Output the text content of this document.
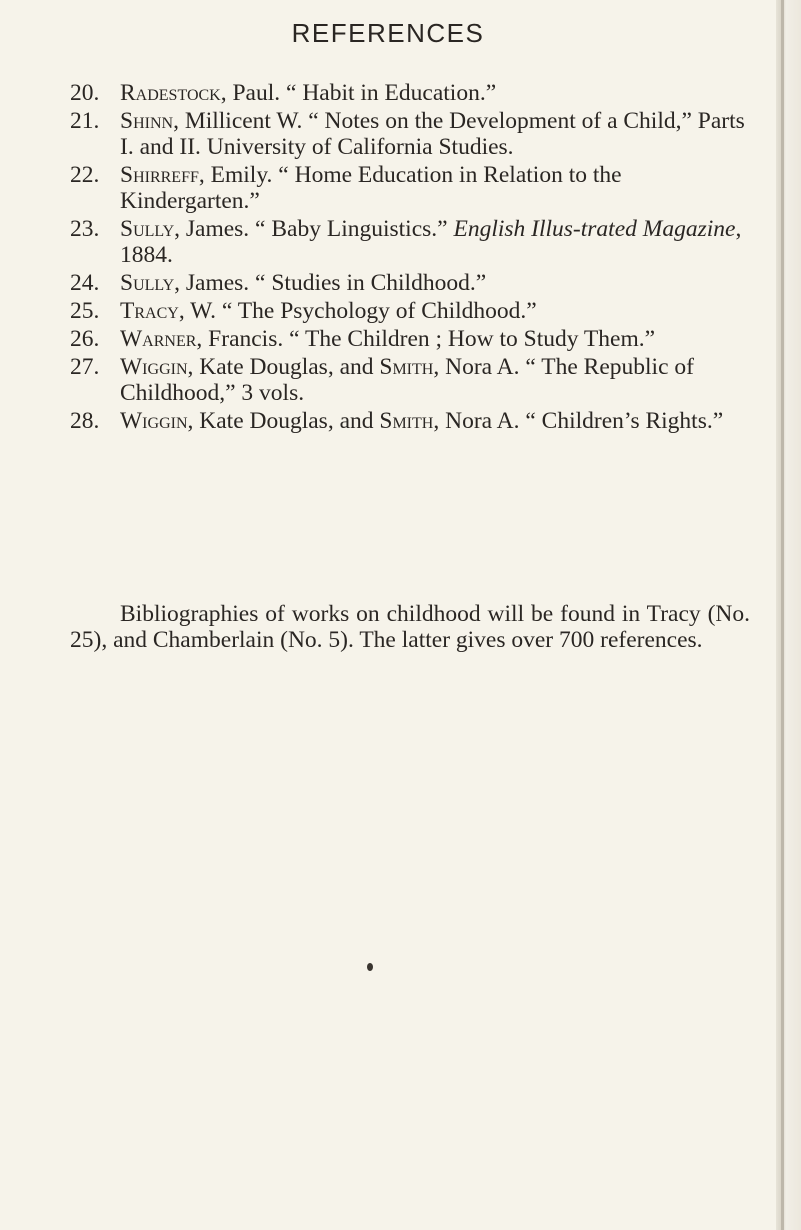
REFERENCES
20. Radestock, Paul. “ Habit in Education.”
21. Shinn, Millicent W. “ Notes on the Development of a Child,” Parts I. and II. University of California Studies.
22. Shirreff, Emily. “ Home Education in Relation to the Kindergarten.”
23. Sully, James. “ Baby Linguistics.” English Illus-trated Magazine, 1884.
24. Sully, James. “ Studies in Childhood.”
25. Tracy, W. “ The Psychology of Childhood.”
26. Warner, Francis. “ The Children ; How to Study Them.”
27. Wiggin, Kate Douglas, and Smith, Nora A. “ The Republic of Childhood,” 3 vols.
28. Wiggin, Kate Douglas, and Smith, Nora A. “ Children’s Rights.”

Bibliographies of works on childhood will be found in Tracy (No. 25), and Chamberlain (No. 5). The latter gives over 700 references.
